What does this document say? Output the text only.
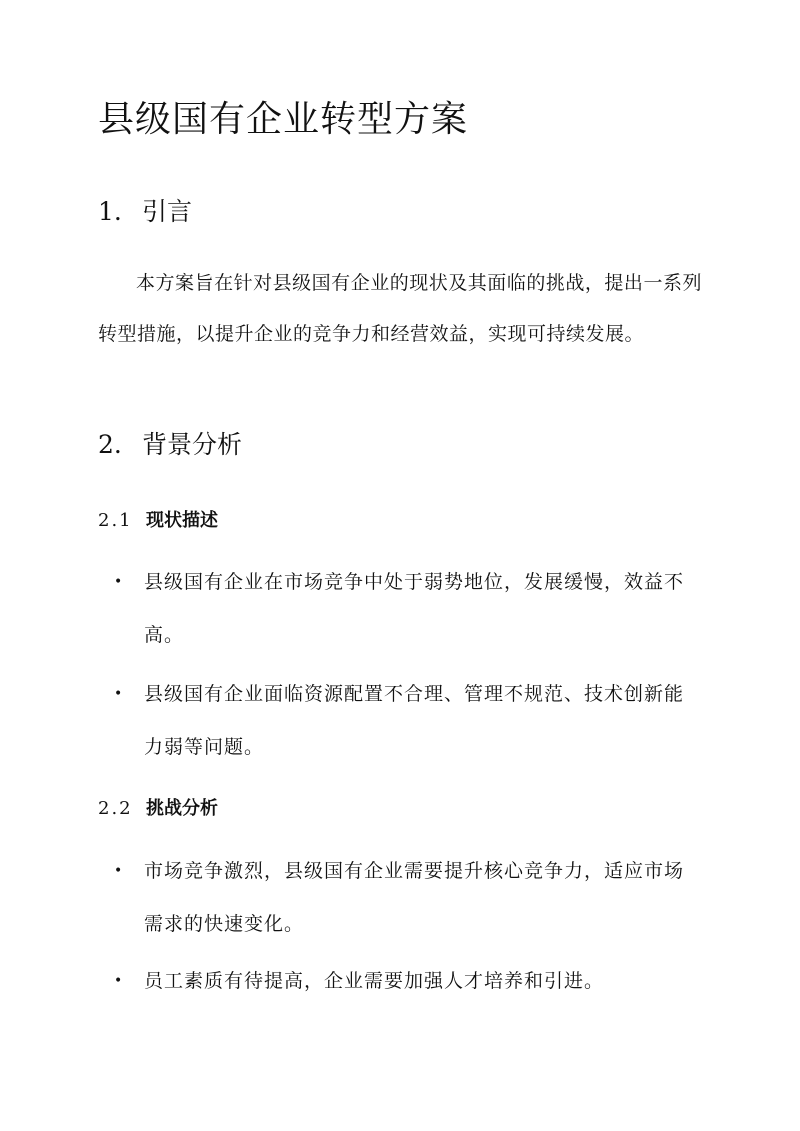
县级国有企业转型方案
1. 引言

本方案旨在针对县级国有企业的现状及其面临的挑战，提出一系列转型措施，以提升企业的竞争力和经营效益，实现可持续发展。

2. 背景分析
2.1 现状描述
•	县级国有企业在市场竞争中处于弱势地位，发展缓慢，效益不高。
•	县级国有企业面临资源配置不合理、管理不规范、技术创新能力弱等问题。
2.2 挑战分析
•	市场竞争激烈，县级国有企业需要提升核心竞争力，适应市场需求的快速变化。
•	员工素质有待提高，企业需要加强人才培养和引进。
